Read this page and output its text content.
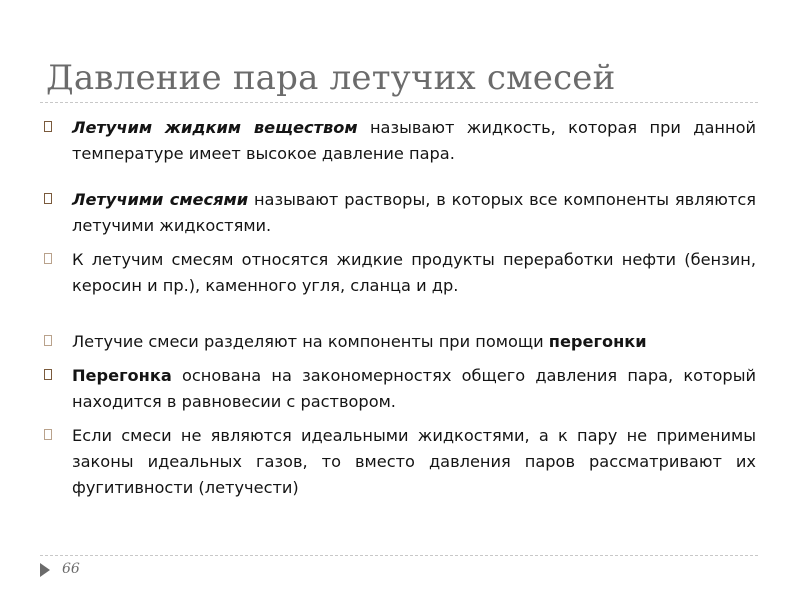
Давление пара летучих смесей
Летучим жидким веществом называют жидкость, которая при данной температуре имеет высокое давление пара.
Летучими смесями называют растворы, в которых все компоненты являются летучими жидкостями.
К летучим смесям относятся жидкие продукты переработки нефти (бензин, керосин и пр.), каменного угля, сланца и др.
Летучие смеси разделяют на компоненты при помощи перегонки
Перегонка основана на закономерностях общего давления пара, который находится в равновесии с раствором.
Если смеси не являются идеальными жидкостями, а к пару не применимы законы идеальных газов, то вместо давления паров рассматривают их фугитивности (летучести)
66
